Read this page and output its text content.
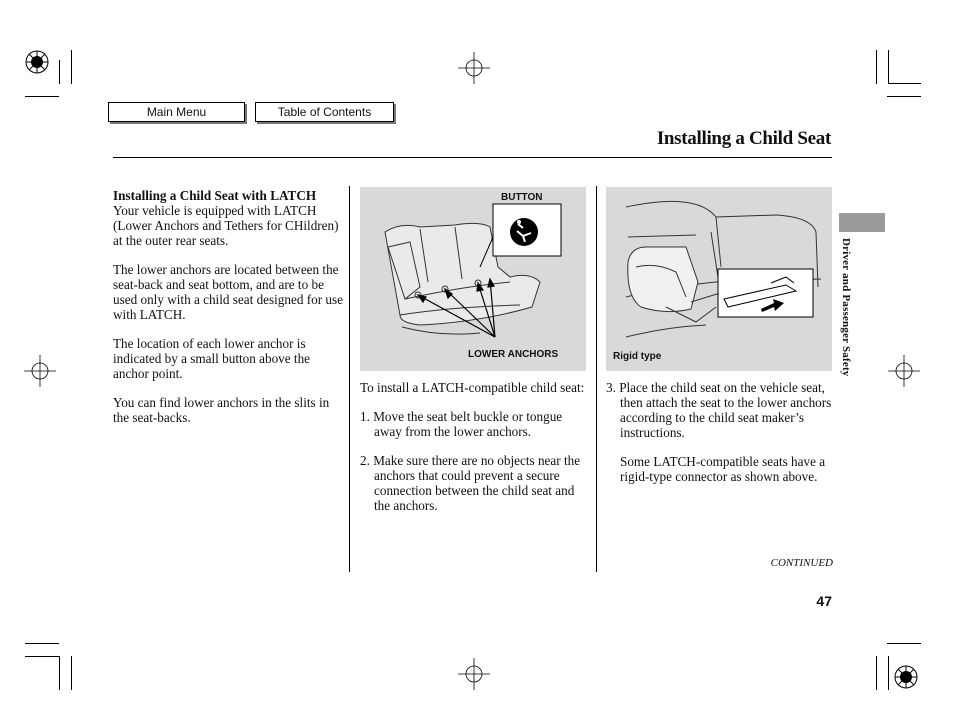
Main Menu	Table of Contents
Installing a Child Seat
Driver and Passenger Safety
Installing a Child Seat with LATCH

Your vehicle is equipped with LATCH (Lower Anchors and Tethers for CHildren) at the outer rear seats.

The lower anchors are located between the seat-back and seat bottom, and are to be used only with a child seat designed for use with LATCH.

The location of each lower anchor is indicated by a small button above the anchor point.

You can find lower anchors in the slits in the seat-backs.

BUTTON
LOWER ANCHORS

To install a LATCH-compatible child seat:

1. Move the seat belt buckle or tongue away from the lower anchors.

2. Make sure there are no objects near the anchors that could prevent a secure connection between the child seat and the anchors.

Rigid type

3. Place the child seat on the vehicle seat, then attach the seat to the lower anchors according to the child seat maker’s instructions.

Some LATCH-compatible seats have a rigid-type connector as shown above.

CONTINUED
47
